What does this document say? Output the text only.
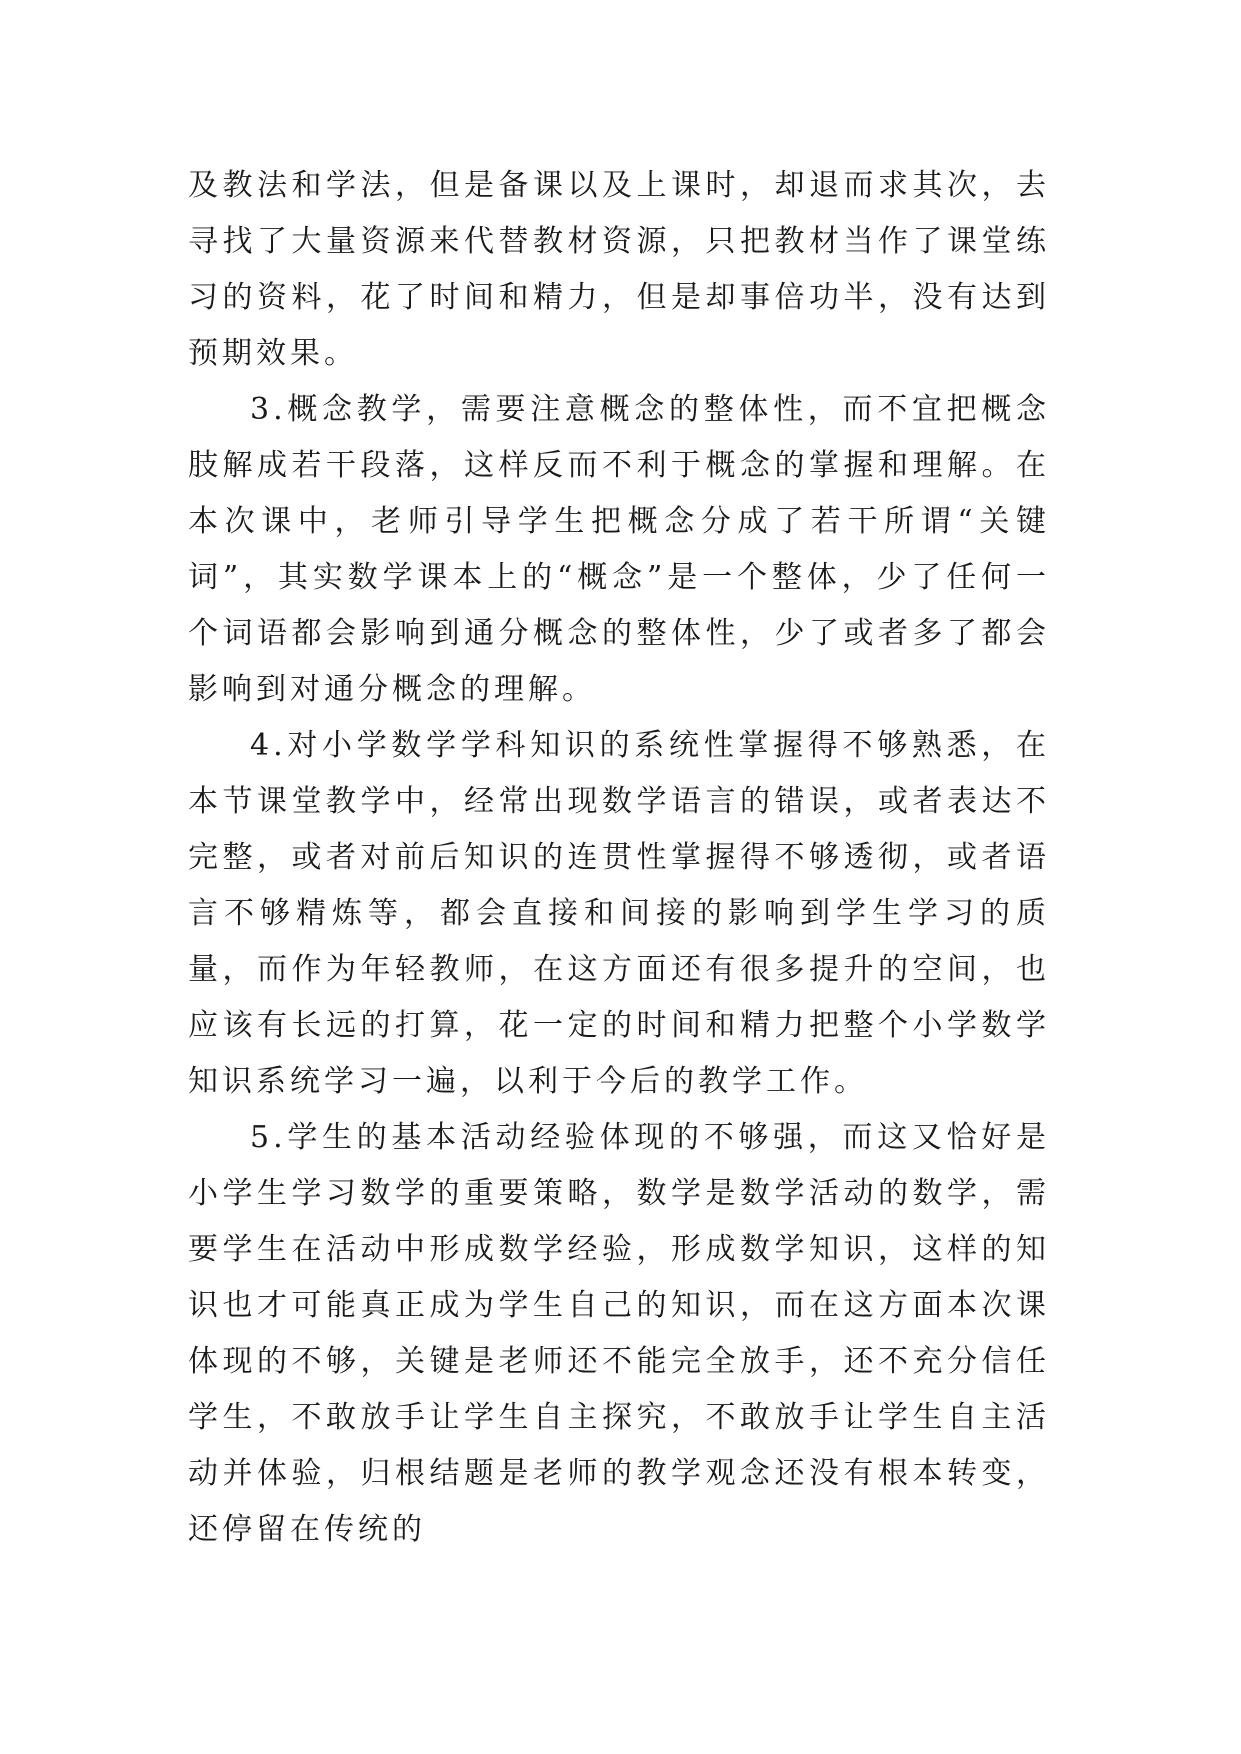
及教法和学法，但是备课以及上课时，却退而求其次，去寻找了大量资源来代替教材资源，只把教材当作了课堂练习的资料，花了时间和精力，但是却事倍功半，没有达到预期效果。

3.概念教学，需要注意概念的整体性，而不宜把概念肢解成若干段落，这样反而不利于概念的掌握和理解。在本次课中，老师引导学生把概念分成了若干所谓“关键词”，其实数学课本上的“概念”是一个整体，少了任何一个词语都会影响到通分概念的整体性，少了或者多了都会影响到对通分概念的理解。

4.对小学数学学科知识的系统性掌握得不够熟悉，在本节课堂教学中，经常出现数学语言的错误，或者表达不完整，或者对前后知识的连贯性掌握得不够透彻，或者语言不够精炼等，都会直接和间接的影响到学生学习的质量，而作为年轻教师，在这方面还有很多提升的空间，也应该有长远的打算，花一定的时间和精力把整个小学数学知识系统学习一遍，以利于今后的教学工作。

5.学生的基本活动经验体现的不够强，而这又恰好是小学生学习数学的重要策略，数学是数学活动的数学，需要学生在活动中形成数学经验，形成数学知识，这样的知识也才可能真正成为学生自己的知识，而在这方面本次课体现的不够，关键是老师还不能完全放手，还不充分信任学生，不敢放手让学生自主探究，不敢放手让学生自主活动并体验，归根结题是老师的教学观念还没有根本转变，还停留在传统的
